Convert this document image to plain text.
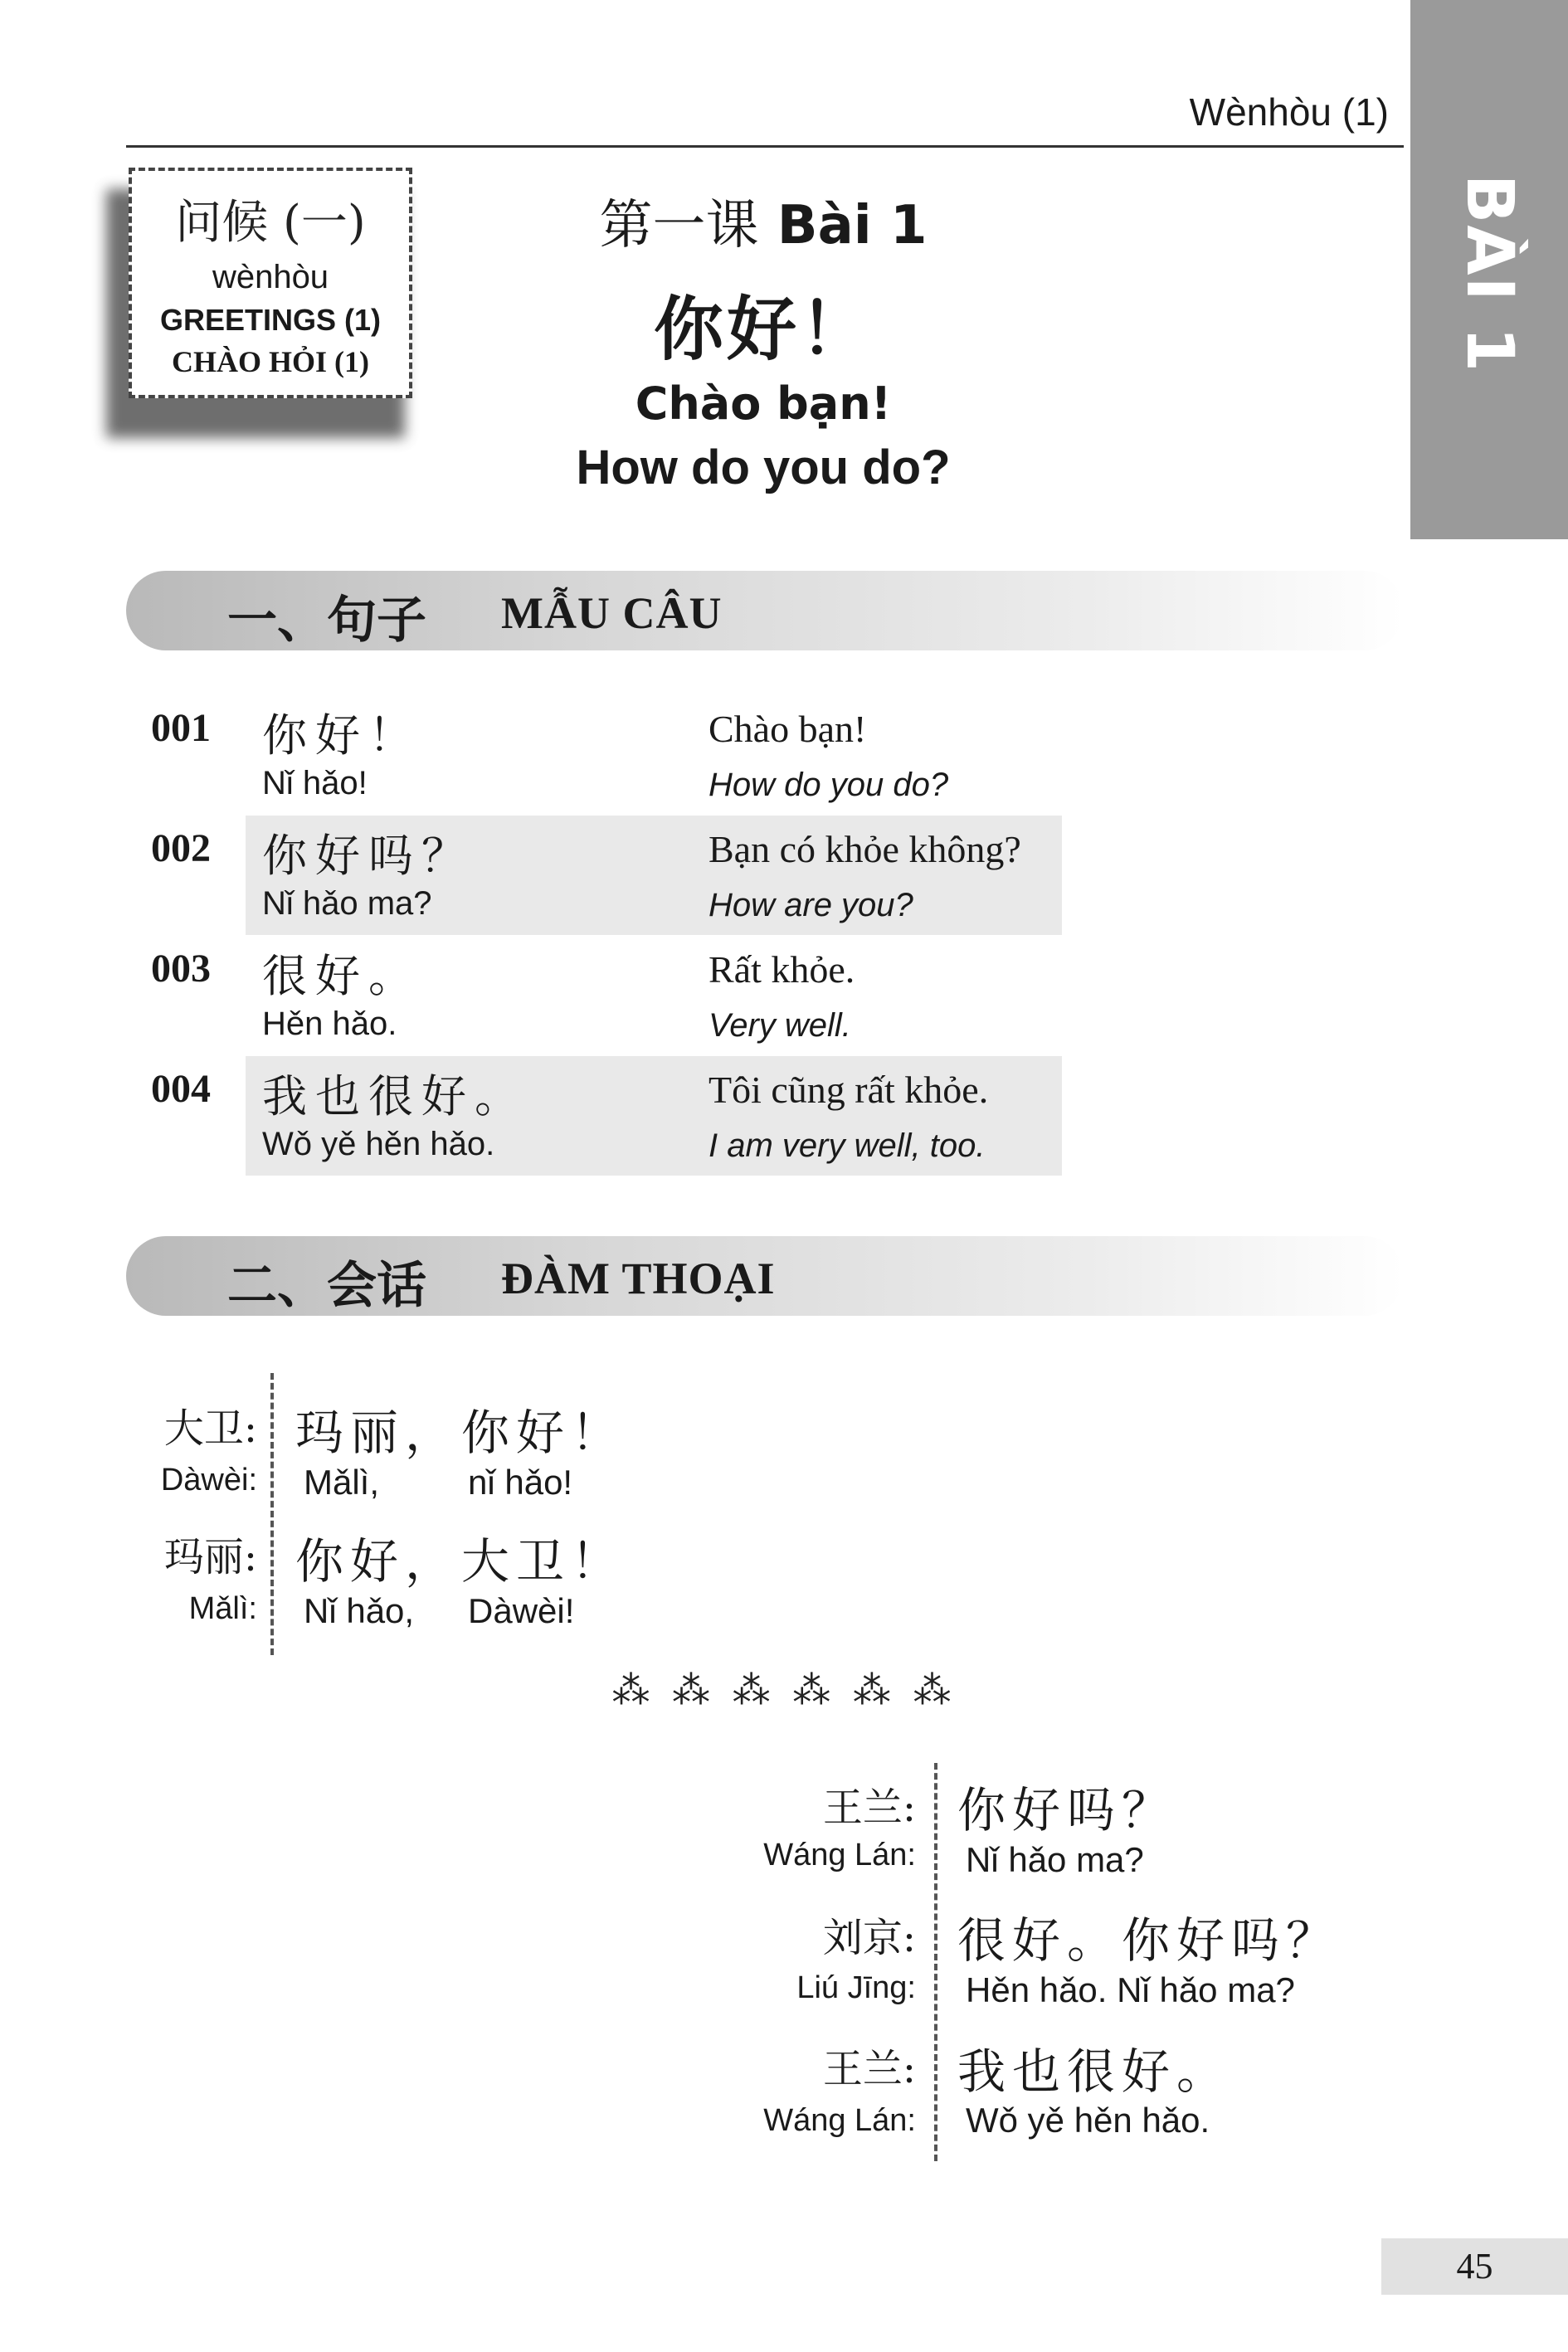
Wènhòu (1)
BÀI 1
问候 (一)
wènhòu
GREETINGS (1)
CHÀO HỎI (1)
第一课 Bài 1
你好！
Chào bạn!
How do you do?
一、句子 MẪU CÂU
001 你好！
Nǐ hǎo!
Chào bạn!
How do you do?
002 你好吗？
Nǐ hǎo ma?
Bạn có khỏe không?
How are you?
003 很好。
Hěn hǎo.
Rất khỏe.
Very well.
004 我也很好。
Wǒ yě hěn hǎo.
Tôi cũng rất khỏe.
I am very well, too.
二、会话 ĐÀM THOẠI
大卫:
Dàwèi:
玛丽， 你好！
Mǎlì,	nǐ hǎo!
玛丽:
Mǎlì:
你好， 大卫！
Nǐ hǎo, Dàwèi!
⁂ ⁂ ⁂ ⁂ ⁂ ⁂
王兰:
Wáng Lán:
你好吗？
Nǐ hǎo ma?
刘京:
Liú Jīng:
很好。你好吗？
Hěn hǎo. Nǐ hǎo ma?
王兰:
Wáng Lán:
我也很好。
Wǒ yě hěn hǎo.
45
